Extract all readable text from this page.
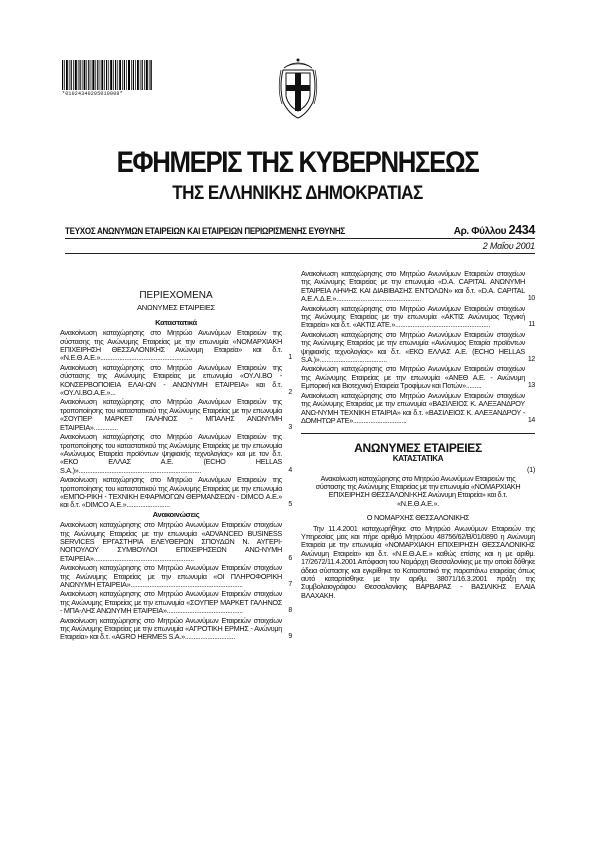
*01024340205010008*
ΕΦΗΜΕΡΙΣ ΤΗΣ ΚΥΒΕΡΝΗΣΕΩΣ
ΤΗΣ ΕΛΛΗΝΙΚΗΣ ΔΗΜΟΚΡΑΤΙΑΣ
ΤΕΥΧΟΣ ΑΝΩΝΥΜΩΝ ΕΤΑΙΡΕΙΩΝ ΚΑΙ ΕΤΑΙΡΕΙΩΝ ΠΕΡΙΩΡΙΣΜΕΝΗΣ ΕΥΘΥΝΗΣ	Αρ. Φύλλου 2434
2 Μαΐου 2001
ΠΕΡΙΕΧΟΜΕΝΑ
ΑΝΩΝΥΜΕΣ ΕΤΑΙΡΕΙΕΣ
Καταστατικά
Ανακοίνωση καταχώρησης στο Μητρώο Ανωνύμων Εταιρειών της σύστασης της Ανώνυμης Εταιρείας με την επωνυμία «ΝΟΜΑΡΧΙΑΚΗ ΕΠΙΧΕΙΡΗΣΗ ΘΕΣΣΑΛΟΝΙΚΗΣ Ανώνυμη Εταιρεία» και δ.τ. «Ν.Ε.Θ.Α.Ε.».....................................................	1
Ανακοίνωση καταχώρησης στο Μητρώο Ανωνύμων Εταιρειών της σύστασης της Ανώνυμης Εταιρείας με επωνυμία «ΟΥ.ΛΙ.ΒΟ - ΚΟΝΣΕΡΒΟΠΟΙΕΙΑ ΕΛΑΙ-ΩΝ - ΑΝΩΝΥΜΗ ΕΤΑΙΡΕΙΑ» και δ.τ. «ΟΥ.ΛΙ.ΒΟ.Α.Ε.»...	2
Ανακοίνωση καταχώρησης στο Μητρώο Ανωνύμων Εταιρειών της τροποποίησης του καταστατικού της Ανώνυμης Εταιρείας με την επωνυμία «ΣΟΥΠΕΡ ΜΑΡΚΕΤ ΓΑΛΗΝΟΣ - ΜΠΑΛΗΣ ΑΝΩΝΥΜΗ ΕΤΑΙΡΕΙΑ»..............	3
Ανακοίνωση καταχώρησης στο Μητρώο Ανωνύμων Εταιρειών της τροποποίησης του καταστατικού της Ανώνυμης Εταιρείας με την επωνυμία «Ανώνυμος Εταιρεία προϊόντων ψηφιακής τεχνολογίας» και με τον δ.τ. «ΕΚΟ ΕΛΛΑΣ Α.Ε. (ECHO HELLAS S.A.)».......................................................................	4
Ανακοίνωση καταχώρησης στο Μητρώο Ανωνύμων Εταιρειών της τροποποίησης του καταστατικού της Ανώνυμης Εταιρείας με την επωνυμία «ΕΜΠΟ-ΡΙΚΗ - ΤΕΧΝΙΚΗ ΕΦΑΡΜΟΓΩΝ ΘΕΡΜΑΝΣΕΩΝ - DIMCO Α.Ε.» και δ.τ. «DIMCO Α.Ε.».........................	5
Ανακοινώσεις
Ανακοίνωση καταχώρησης στο Μητρώο Ανωνύμων Εταιρειών στοιχείων της Ανώνυμης Εταιρείας με την επωνυμία «ADVANCED BUSINESS SERVICES ΕΡΓΑΣΤΗΡΙΑ ΕΛΕΥΘΕΡΩΝ ΣΠΟΥΔΩΝ Ν. ΑΥΓΕΡΙ-ΝΟΠΟΥΛΟΥ ΣΥΜΒΟΥΛΟΙ ΕΠΙΧΕΙΡΗΣΕΩΝ ΑΝΩ-ΝΥΜΗ ΕΤΑΙΡΕΙΑ»..........................................................	6
Ανακοίνωση καταχώρησης στο Μητρώο Ανωνύμων Εταιρειών στοιχείων της Ανώνυμης Εταιρείας με την επωνυμία «ΟΙ ΠΛΗΡΟΦΟΡΙΚΗ ΑΝΩΝΥΜΗ ΕΤΑΙΡΕΙΑ».................................................................	7
Ανακοίνωση καταχώρησης στο Μητρώο Ανωνύμων Εταιρειών στοιχείων της Ανώνυμης Εταιρείας με την επωνυμία «ΣΟΥΠΕΡ ΜΑΡΚΕΤ ΓΑΛΗΝΟΣ - ΜΠΑ-ΛΗΣ ΑΝΩΝΥΜΗ ΕΤΑΙΡΕΙΑ»............................................	8
Ανακοίνωση καταχώρησης στο Μητρώο Ανωνύμων Εταιρειών στοιχείων της Ανώνυμης Εταιρείας με την επωνυμία «ΑΓΡΟΤΙΚΗ ΕΡΜΗΣ - Ανώνυμη Εταιρεία» και δ.τ. «AGRO HERMES S.A.».............................	9
Ανακοίνωση καταχώρησης στο Μητρώο Ανωνύμων Εταιρειών στοιχείων της Ανώνυμης Εταιρείας με την επωνυμία «D.A. CAPITAL ΑΝΩΝΥΜΗ ΕΤΑΙΡΕΙΑ ΛΗΨΗΣ ΚΑΙ ΔΙΑΒΙΒΑΣΗΣ ΕΝΤΟΛΩΝ» και δ.τ. «D.A. CAPITAL Α.Ε.Λ.Δ.Ε.».................................................	10
Ανακοίνωση καταχώρησης στο Μητρώο Ανωνύμων Εταιρειών στοιχείων της Ανώνυμης Εταιρείας με την επωνυμία «ΑΚΤΙΣ Ανώνυμος Τεχνική Εταιρεία» και δ.τ. «ΑΚΤΙΣ ΑΤΕ.».......................................................	11
Ανακοίνωση καταχώρησης στο Μητρώο Ανωνύμων Εταιρειών στοιχείων της Ανώνυμης Εταιρείας με την επωνυμία «Ανώνυμος Εταιρία προϊόντων ψηφιακής τεχνολογίας» και δ.τ. «ΕΚΟ ΕΛΛΑΣ Α.Ε. (ECHO HELLAS S.A.)».......................................	12
Ανακοίνωση καταχώρησης στο Μητρώο Ανωνύμων Εταιρειών στοιχείων της Ανώνυμης Εταιρείας με την επωνυμία «ΑΝΕΘ Α.Ε. - Ανώνυμη Εμπορική και Βιοτεχνική Εταιρεία Τροφίμων και Ποτών».........	13
Ανακοίνωση καταχώρησης στο Μητρώο Ανωνύμων Εταιρειών στοιχείων της Ανώνυμης Εταιρείας με την επωνυμία «ΒΑΣΙΛΕΙΟΣ Κ. ΑΛΕΞΑΝΔΡΟΥ ΑΝΩ-ΝΥΜΗ ΤΕΧΝΙΚΗ ΕΤΑΙΡΙΑ» και δ.τ. «ΒΑΣΙΛΕΙΟΣ Κ. ΑΛΕΞΑΝΔΡΟΥ - ΔΟΜΗΤΩΡ ΑΤΕ»...............................	14
ΑΝΩΝΥΜΕΣ ΕΤΑΙΡΕΙΕΣ
ΚΑΤΑΣΤΑΤΙΚΑ
(1)
Ανακοίνωση καταχώρησης στο Μητρώο Ανωνύμων Εταιρειών της σύστασης της Ανώνυμης Εταιρείας με την επωνυμία «ΝΟΜΑΡΧΙΑΚΗ ΕΠΙΧΕΙΡΗΣΗ ΘΕΣΣΑΛΟΝΙ-ΚΗΣ Ανώνυμη Εταιρεία» και δ.τ. «Ν.Ε.Θ.Α.Ε.».
Ο ΝΟΜΑΡΧΗΣ ΘΕΣΣΑΛΟΝΙΚΗΣ
Την 11.4.2001 καταχωρήθηκε στο Μητρώο Ανωνύμων Εταιρειών της Υπηρεσίας μας και πήρε αριθμό Μητρώου 48756/62/Β/01/0890 η Ανώνυμη Εταιρεία με την επωνυμία «ΝΟΜΑΡΧΙΑΚΗ ΕΠΙΧΕΙΡΗΣΗ ΘΕΣΣΑΛΟΝΙΚΗΣ Ανώνυμη Εταιρεία» και δ.τ. «Ν.Ε.Θ.Α.Ε.» καθώς επίσης και η με αριθμ. 17/2672/11.4.2001 Απόφαση του Νομάρχη Θεσσαλονίκης με την οποία δόθηκε άδεια σύστασης και εγκρίθηκε το Καταστατικό της παραπάνω εταιρείας όπως αυτό καταρτίσθηκε με την αριθμ. 38071/16.3.2001 πράξη της Συμβολαιογράφου Θεσσαλονίκης ΒΑΡΒΑΡΑΣ - ΒΑΣΙΛΙΚΗΣ ΕΛΑΙΑ ΒΛΑΧΑΚΗ.
